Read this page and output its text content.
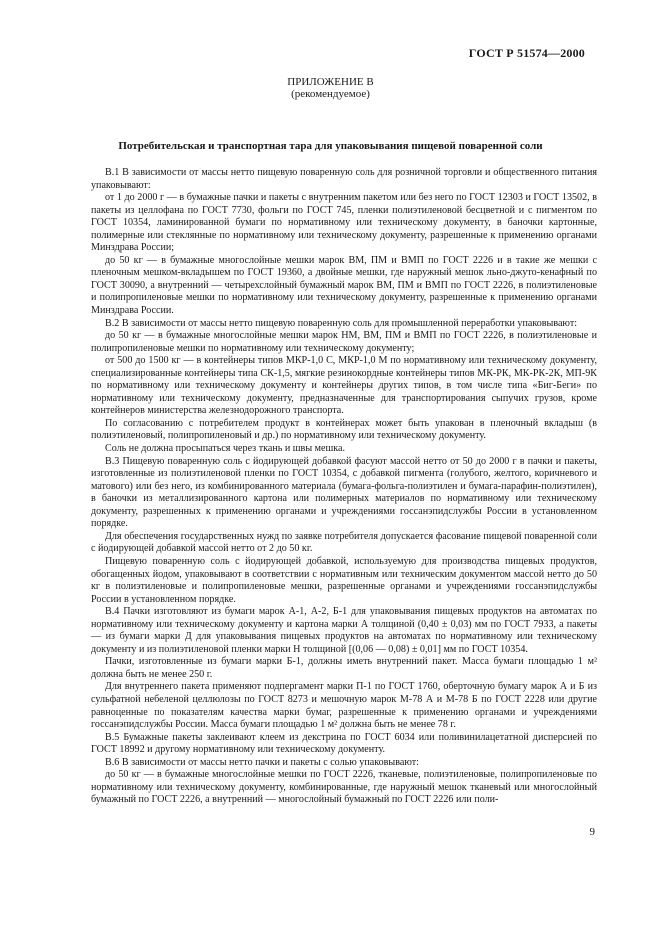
ГОСТ Р 51574—2000
ПРИЛОЖЕНИЕ В
(рекомендуемое)
Потребительская и транспортная тара для упаковывания пищевой поваренной соли

В.1 В зависимости от массы нетто пищевую поваренную соль для розничной торговли и общественного питания упаковывают:

от 1 до 2000 г — в бумажные пачки и пакеты с внутренним пакетом или без него по ГОСТ 12303 и ГОСТ 13502, в пакеты из целлофана по ГОСТ 7730, фольги по ГОСТ 745, пленки полиэтиленовой бесцветной и с пигментом по ГОСТ 10354, ламинированной бумаги по нормативному или техническому документу, в баночки картонные, полимерные или стеклянные по нормативному или техническому документу, разрешенные к применению органами Минздрава России;

до 50 кг — в бумажные многослойные мешки марок ВМ, ПМ и ВМП по ГОСТ 2226 и в такие же мешки с пленочным мешком-вкладышем по ГОСТ 19360, а двойные мешки, где наружный мешок льно-джуто-кенафный по ГОСТ 30090, а внутренний — четырехслойный бумажный марок ВМ, ПМ и ВМП по ГОСТ 2226, в полиэтиленовые и полипропиленовые мешки по нормативному или техническому документу, разрешенные к применению органами Минздрава России.

В.2 В зависимости от массы нетто пищевую поваренную соль для промышленной переработки упаковывают:

до 50 кг — в бумажные многослойные мешки марок НМ, ВМ, ПМ и ВМП по ГОСТ 2226, в полиэтиленовые и полипропиленовые мешки по нормативному или техническому документу;

от 500 до 1500 кг — в контейнеры типов МКР-1,0 С, МКР-1,0 М по нормативному или техническому документу, специализированные контейнеры типа СК-1,5, мягкие резинокордные контейнеры типов МК-РК, МК-РК-2К, МП-9К по нормативному или техническому документу и контейнеры других типов, в том числе типа «Биг-Беги» по нормативному или техническому документу, предназначенные для транспортирования сыпучих грузов, кроме контейнеров министерства железнодорожного транспорта.

По согласованию с потребителем продукт в контейнерах может быть упакован в пленочный вкладыш (в полиэтиленовый, полипропиленовый и др.) по нормативному или техническому документу.

Соль не должна просыпаться через ткань и швы мешка.

В.3 Пищевую поваренную соль с йодирующей добавкой фасуют массой нетто от 50 до 2000 г в пачки и пакеты, изготовленные из полиэтиленовой пленки по ГОСТ 10354, с добавкой пигмента (голубого, желтого, коричневого и матового) или без него, из комбинированного материала (бумага-фольга-полиэтилен и бумага-парафин-полиэтилен), в баночки из металлизированного картона или полимерных материалов по нормативному или техническому документу, разрешенных к применению органами и учреждениями госсанэпидслужбы России в установленном порядке.

Для обеспечения государственных нужд по заявке потребителя допускается фасование пищевой поваренной соли с йодирующей добавкой массой нетто от 2 до 50 кг.

Пищевую поваренную соль с йодирующей добавкой, используемую для производства пищевых продуктов, обогащенных йодом, упаковывают в соответствии с нормативным или техническим документом массой нетто до 50 кг в полиэтиленовые и полипропиленовые мешки, разрешенные органами и учреждениями госсанэпидслужбы России в установленном порядке.

В.4 Пачки изготовляют из бумаги марок А-1, А-2, Б-1 для упаковывания пищевых продуктов на автоматах по нормативному или техническому документу и картона марки А толщиной (0,40 ± 0,03) мм по ГОСТ 7933, а пакеты — из бумаги марки Д для упаковывания пищевых продуктов на автоматах по нормативному или техническому документу и из полиэтиленовой пленки марки Н толщиной [(0,06 — 0,08) ± 0,01] мм по ГОСТ 10354.

Пачки, изготовленные из бумаги марки Б-1, должны иметь внутренний пакет. Масса бумаги площадью 1 м² должна быть не менее 250 г.

Для внутреннего пакета применяют подпергамент марки П-1 по ГОСТ 1760, оберточную бумагу марок А и Б из сульфатной небеленой целлюлозы по ГОСТ 8273 и мешочную марок М-78 А и М-78 Б по ГОСТ 2228 или другие равноценные по показателям качества марки бумаг, разрешенные к применению органами и учреждениями госсанэпидслужбы России. Масса бумаги площадью 1 м² должна быть не менее 78 г.

В.5 Бумажные пакеты заклеивают клеем из декстрина по ГОСТ 6034 или поливинилацетатной дисперсией по ГОСТ 18992 и другому нормативному или техническому документу.

В.6 В зависимости от массы нетто пачки и пакеты с солью упаковывают:

до 50 кг — в бумажные многослойные мешки по ГОСТ 2226, тканевые, полиэтиленовые, полипропиленовые по нормативному или техническому документу, комбинированные, где наружный мешок тканевый или многослойный бумажный по ГОСТ 2226, а внутренний — многослойный бумажный по ГОСТ 2226 или поли-

9
